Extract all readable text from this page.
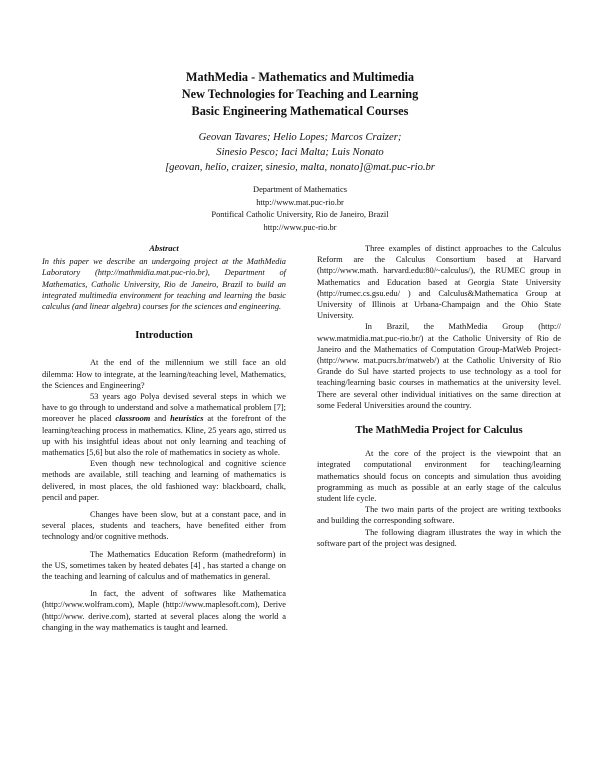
MathMedia - Mathematics and Multimedia
New Technologies for Teaching and Learning
Basic Engineering Mathematical Courses
Geovan Tavares; Helio Lopes; Marcos Craizer;
Sinesio Pesco; Iaci Malta; Luis Nonato
[geovan, helio, craizer, sinesio, malta, nonato]@mat.puc-rio.br
Department of Mathematics
http://www.mat.puc-rio.br
Pontifical Catholic University, Rio de Janeiro, Brazil
http://www.puc-rio.br
Abstract

In this paper we describe an undergoing project at the MathMedia Laboratory (http://mathmidia.mat.puc-rio.br), Department of Mathematics, Catholic University, Rio de Janeiro, Brazil to build an integrated multimedia environment for teaching and learning the basic calculus (and linear algebra) courses for the sciences and engineering.

Introduction

At the end of the millennium we still face an old dilemma: How to integrate, at the learning/teaching level, Mathematics, the Sciences and Engineering?

53 years ago Polya devised several steps in which we have to go through to understand and solve a mathematical problem [7]; moreover he placed classroom and heuristics at the forefront of the learning/teaching process in mathematics. Kline, 25 years ago, stirred us up with his insightful ideas about not only learning and teaching of mathematics [5,6] but also the role of mathematics in society as whole.

Even though new technological and cognitive science methods are available, still teaching and learning of mathematics is delivered, in most places, the old fashioned way: blackboard, chalk, pencil and paper.

Changes have been slow, but at a constant pace, and in several places, students and teachers, have benefited either from technology and/or cognitive methods.

The Mathematics Education Reform (mathedreform) in the US, sometimes taken by heated debates [4] , has started a change on the teaching and learning of calculus and of mathematics in general.

In fact, the advent of softwares like Mathematica (http://www.wolfram.com), Maple (http://www.maplesoft.com), Derive (http://www. derive.com), started at several places along the world a changing in the way mathematics is taught and learned.

Three examples of distinct approaches to the Calculus Reform are the Calculus Consortium based at Harvard (http://www.math. harvard.edu:80/~calculus/), the RUMEC group in Mathematics and Education based at Georgia State University (http://rumec.cs.gsu.edu/ ) and Calculus&Mathematica Group at University of Illinois at Urbana-Champaign and the Ohio State University.

In Brazil, the MathMedia Group (http:// www.matmidia.mat.puc-rio.br/) at the Catholic University of Rio de Janeiro and the Mathematics of Computation Group-MatWeb Project-(http://www. mat.pucrs.br/matweb/) at the Catholic University of Rio Grande do Sul have started projects to use technology as a tool for teaching/learning basic courses in mathematics at the university level. There are several other individual initiatives on the same direction at some Federal Universities around the country.

The MathMedia Project for Calculus

At the core of the project is the viewpoint that an integrated computational environment for teaching/learning mathematics should focus on concepts and simulation thus avoiding programming as much as possible at an early stage of the calculus student life cycle.

The two main parts of the project are writing textbooks and building the corresponding software.

The following diagram illustrates the way in which the software part of the project was designed.
